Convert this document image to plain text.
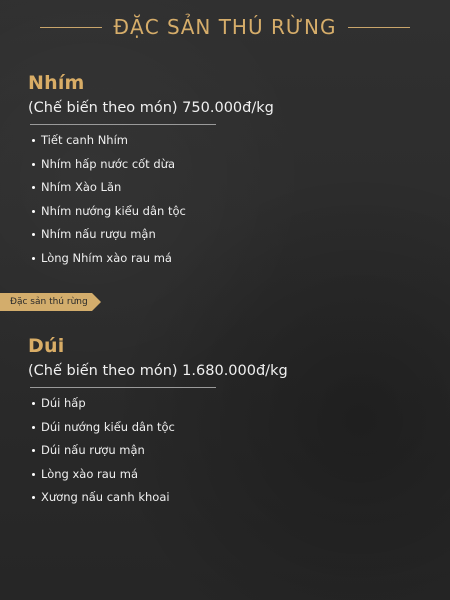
ĐẶC SẢN THÚ RỪNG
Nhím
(Chế biến theo món) 750.000đ/kg
Tiết canh Nhím
Nhím hấp nước cốt dừa
Nhím Xào Lăn
Nhím nướng kiểu dân tộc
Nhím nấu rượu mận
Lòng Nhím xào rau má
Đặc sản thú rừng
Dúi
(Chế biến theo món) 1.680.000đ/kg
Dúi hấp
Dúi nướng kiểu dân tộc
Dúi nấu rượu mận
Lòng xào rau má
Xương nấu canh khoai
